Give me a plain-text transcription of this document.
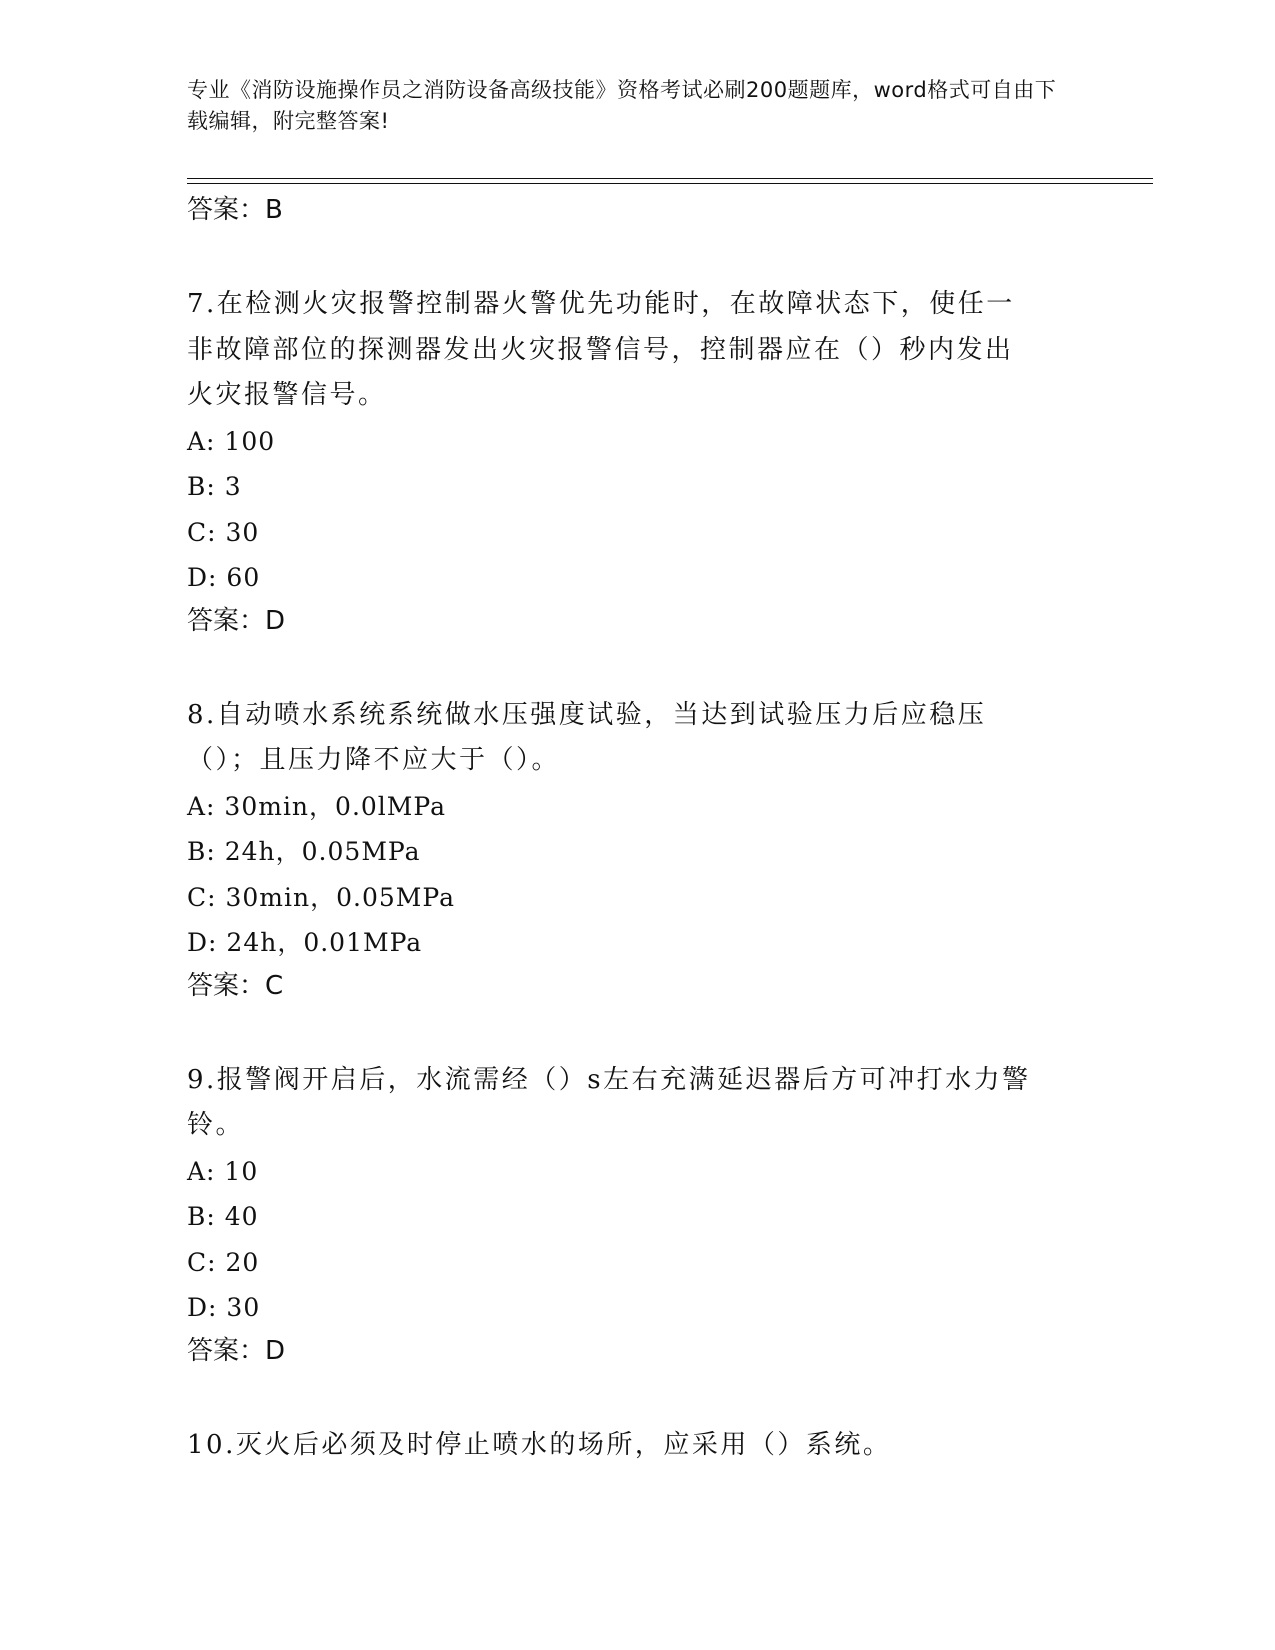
专业《消防设施操作员之消防设备高级技能》资格考试必刷200题题库，word格式可自由下载编辑，附完整答案!
答案：B

7.在检测火灾报警控制器火警优先功能时，在故障状态下，使任一非故障部位的探测器发出火灾报警信号，控制器应在（）秒内发出火灾报警信号。

A: 100
B: 3
C: 30
D: 60
答案：D

8.自动喷水系统系统做水压强度试验，当达到试验压力后应稳压（）；且压力降不应大于（）。

A: 30min，0.0lMPa
B: 24h，0.05MPa
C: 30min，0.05MPa
D: 24h，0.01MPa
答案：C

9.报警阀开启后，水流需经（）s左右充满延迟器后方可冲打水力警铃。

A: 10
B: 40
C: 20
D: 30
答案：D

10.灭火后必须及时停止喷水的场所，应采用（）系统。
